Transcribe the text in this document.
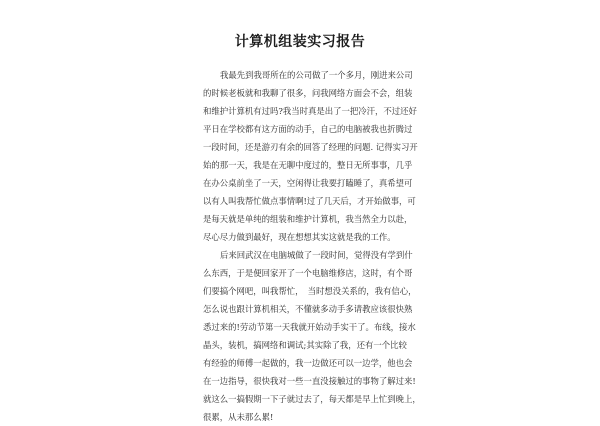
计算机组装实习报告
我最先到我哥所在的公司做了一个多月，刚进来公司
的时候老板就和我聊了很多，问我网络方面会不会，组装
和维护计算机有过吗?我当时真是出了一把冷汗，不过还好
平日在学校都有这方面的动手，自己的电脑被我也折腾过
一段时间，还是游刃有余的回答了经理的问题. 记得实习开
始的那一天，我是在无聊中度过的，整日无所事事，几乎
在办公桌前坐了一天，空闲得让我要打瞌睡了，真希望可
以有人叫我帮忙做点事情啊!过了几天后，才开始做事，可
是每天就是单纯的组装和维护计算机，我当然全力以赴，
尽心尽力做到最好，现在想想其实这就是我的工作。
后来回武汉在电脑城做了一段时间，觉得没有学到什
么东西，于是便回家开了一个电脑维修店，这时，有个哥
们要搞个网吧，叫我帮忙，　当时想没关系的，我有信心，
怎么说也跟计算机相关，不懂就多动手多请教应该很快熟
悉过来的!劳动节第一天我就开始动手实干了。布线，接水
晶头，装机，搞网络和调试;其实除了我，还有一个比较
有经验的师傅一起做的，我一边做还可以一边学，他也会
在一边指导，很快我对一些一直没接触过的事物了解过来!
就这么一搞假期一下子就过去了，每天都是早上忙到晚上，
很累，从未那么累!
